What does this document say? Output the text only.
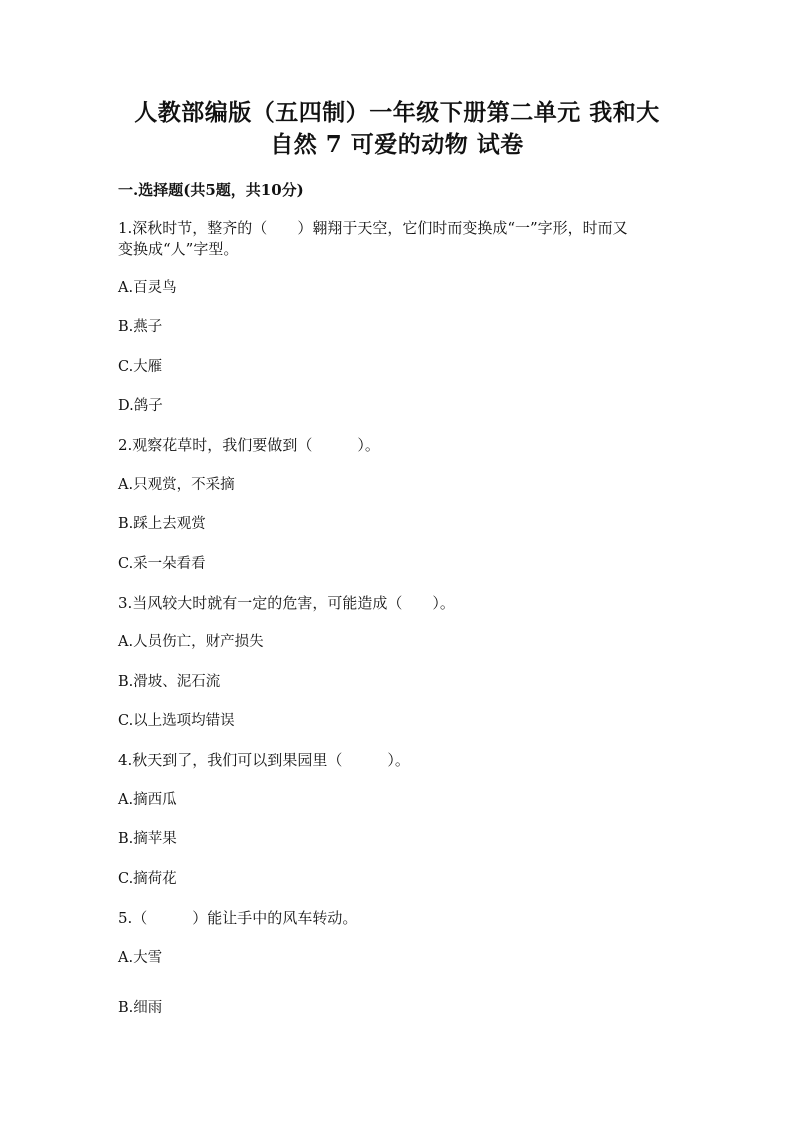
人教部编版（五四制）一年级下册第二单元 我和大
自然 7 可爱的动物 试卷
一.选择题(共5题，共10分)
1.深秋时节，整齐的（　　）翱翔于天空，它们时而变换成“一”字形，时而又
变换成“人”字型。
A.百灵鸟
B.燕子
C.大雁
D.鸽子
2.观察花草时，我们要做到（　　　）。
A.只观赏，不采摘
B.踩上去观赏
C.采一朵看看
3.当风较大时就有一定的危害，可能造成（　　）。
A.人员伤亡，财产损失
B.滑坡、泥石流
C.以上选项均错误
4.秋天到了，我们可以到果园里（　　　）。
A.摘西瓜
B.摘苹果
C.摘荷花
5.（　　　）能让手中的风车转动。
A.大雪
B.细雨
